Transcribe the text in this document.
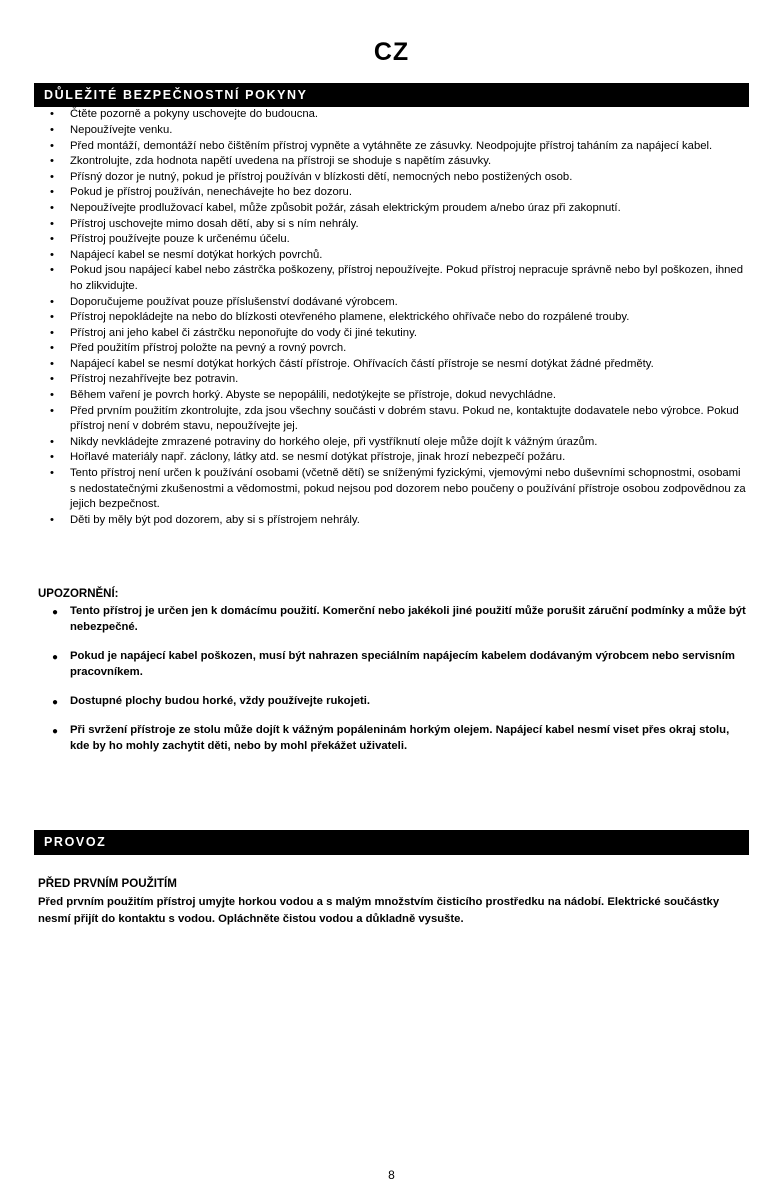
CZ
DŮLEŽITÉ BEZPEČNOSTNÍ POKYNY
• Čtěte pozorně a pokyny uschovejte do budoucna.
• Nepoužívejte venku.
• Před montáží, demontáží nebo čištěním přístroj vypněte a vytáhněte ze zásuvky. Neodpojujte přístroj taháním za napájecí kabel.
• Zkontrolujte, zda hodnota napětí uvedena na přístroji se shoduje s napětím zásuvky.
• Přísný dozor je nutný, pokud je přístroj používán v blízkosti dětí, nemocných nebo postižených osob.
• Pokud je přístroj používán, nenechávejte ho bez dozoru.
• Nepoužívejte prodlužovací kabel, může způsobit požár, zásah elektrickým proudem a/nebo úraz při zakopnutí.
• Přístroj uschovejte mimo dosah dětí, aby si s ním nehrály.
• Přístroj používejte pouze k určenému účelu.
• Napájecí kabel se nesmí dotýkat horkých povrchů.
• Pokud jsou napájecí kabel nebo zástrčka poškozeny, přístroj nepoužívejte. Pokud přístroj nepracuje správně nebo byl poškozen, ihned ho zlikvidujte.
• Doporučujeme používat pouze příslušenství dodávané výrobcem.
• Přístroj nepokládejte na nebo do blízkosti otevřeného plamene, elektrického ohřívače nebo do rozpálené trouby.
• Přístroj ani jeho kabel či zástrčku neponořujte do vody či jiné tekutiny.
• Před použitím přístroj položte na pevný a rovný povrch.
• Napájecí kabel se nesmí dotýkat horkých částí přístroje. Ohřívacích částí přístroje se nesmí dotýkat žádné předměty.
• Přístroj nezahřívejte bez potravin.
• Během vaření je povrch horký. Abyste se nepopálili, nedotýkejte se přístroje, dokud nevychládne.
• Před prvním použitím zkontrolujte, zda jsou všechny součásti v dobrém stavu. Pokud ne, kontaktujte dodavatele nebo výrobce. Pokud přístroj není v dobrém stavu, nepoužívejte jej.
• Nikdy nevkládejte zmrazené potraviny do horkého oleje, při vystříknutí oleje může dojít k vážným úrazům.
• Hořlavé materiály např. záclony, látky atd. se nesmí dotýkat přístroje, jinak hrozí nebezpečí požáru.
• Tento přístroj není určen k používání osobami (včetně dětí) se sníženými fyzickými, vjemovými nebo duševními schopnostmi, osobami s nedostatečnými zkušenostmi a vědomostmi, pokud nejsou pod dozorem nebo poučeny o používání přístroje osobou zodpovědnou za jejich bezpečnost.
• Děti by měly být pod dozorem, aby si s přístrojem nehrály.
UPOZORNĚNÍ:
● Tento přístroj je určen jen k domácímu použití. Komerční nebo jakékoli jiné použití může porušit záruční podmínky a může být nebezpečné.
● Pokud je napájecí kabel poškozen, musí být nahrazen speciálním napájecím kabelem dodávaným výrobcem nebo servisním pracovníkem.
● Dostupné plochy budou horké, vždy používejte rukojeti.
● Při svržení přístroje ze stolu může dojít k vážným popáleninám horkým olejem. Napájecí kabel nesmí viset přes okraj stolu, kde by ho mohly zachytit děti, nebo by mohl překážet uživateli.
PROVOZ
PŘED PRVNÍM POUŽITÍM
Před prvním použitím přístroj umyjte horkou vodou a s malým množstvím čisticího prostředku na nádobí. Elektrické součástky nesmí přijít do kontaktu s vodou. Opláchněte čistou vodou a důkladně vysušte.
8
